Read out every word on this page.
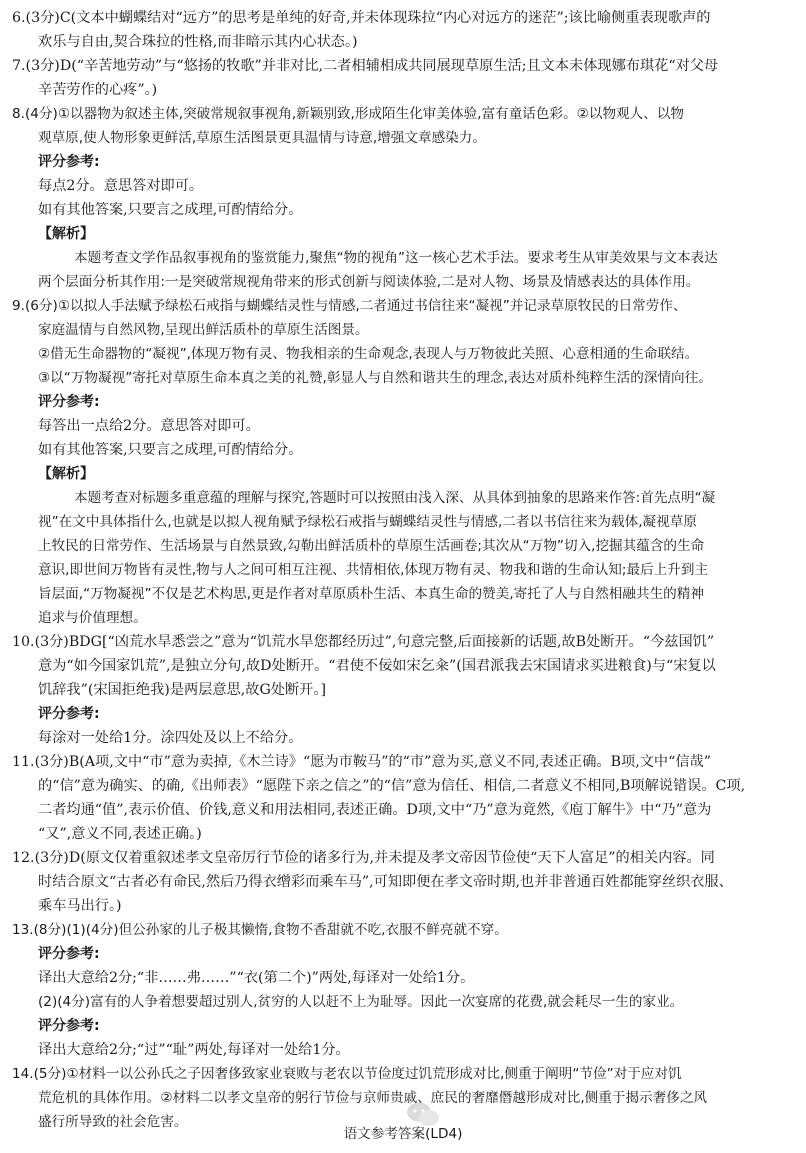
6.(3分)C(文本中蝴蝶结对“远方”的思考是单纯的好奇,并未体现珠拉“内心对远方的迷茫”;该比喻侧重表现歌声的
欢乐与自由,契合珠拉的性格,而非暗示其内心状态。)
7.(3分)D(“辛苦地劳动”与“悠扬的牧歌”并非对比,二者相辅相成共同展现草原生活;且文本未体现娜布琪花“对父母
辛苦劳作的心疼”。)
8.(4分)①以器物为叙述主体,突破常规叙事视角,新颖别致,形成陌生化审美体验,富有童话色彩。②以物观人、以物
观草原,使人物形象更鲜活,草原生活图景更具温情与诗意,增强文章感染力。
评分参考:
每点2分。意思答对即可。
如有其他答案,只要言之成理,可酌情给分。
【解析】
本题考查文学作品叙事视角的鉴赏能力,聚焦“物的视角”这一核心艺术手法。要求考生从审美效果与文本表达
两个层面分析其作用:一是突破常规视角带来的形式创新与阅读体验,二是对人物、场景及情感表达的具体作用。
9.(6分)①以拟人手法赋予绿松石戒指与蝴蝶结灵性与情感,二者通过书信往来“凝视”并记录草原牧民的日常劳作、
家庭温情与自然风物,呈现出鲜活质朴的草原生活图景。
②借无生命器物的“凝视”,体现万物有灵、物我相亲的生命观念,表现人与万物彼此关照、心意相通的生命联结。
③以“万物凝视”寄托对草原生命本真之美的礼赞,彰显人与自然和谐共生的理念,表达对质朴纯粹生活的深情向往。
评分参考:
每答出一点给2分。意思答对即可。
如有其他答案,只要言之成理,可酌情给分。
【解析】
本题考查对标题多重意蕴的理解与探究,答题时可以按照由浅入深、从具体到抽象的思路来作答:首先点明“凝
视”在文中具体指什么,也就是以拟人视角赋予绿松石戒指与蝴蝶结灵性与情感,二者以书信往来为载体,凝视草原
上牧民的日常劳作、生活场景与自然景致,勾勒出鲜活质朴的草原生活画卷;其次从“万物”切入,挖掘其蕴含的生命
意识,即世间万物皆有灵性,物与人之间可相互注视、共情相依,体现万物有灵、物我和谐的生命认知;最后上升到主
旨层面,“万物凝视”不仅是艺术构思,更是作者对草原质朴生活、本真生命的赞美,寄托了人与自然相融共生的精神
追求与价值理想。
10.(3分)BDG[“凶荒水旱悉尝之”意为“饥荒水旱您都经历过”,句意完整,后面接新的话题,故B处断开。“今兹国饥”
意为“如今国家饥荒”,是独立分句,故D处断开。“君使不佞如宋乞籴”(国君派我去宋国请求买进粮食)与“宋复以
饥辞我”(宋国拒绝我)是两层意思,故G处断开。]
评分参考:
每涂对一处给1分。涂四处及以上不给分。
11.(3分)B(A项,文中“市”意为卖掉,《木兰诗》“愿为市鞍马”的“市”意为买,意义不同,表述正确。B项,文中“信哉”
的“信”意为确实、的确,《出师表》“愿陛下亲之信之”的“信”意为信任、相信,二者意义不相同,B项解说错误。C项,
二者均通“值”,表示价值、价钱,意义和用法相同,表述正确。D项,文中“乃”意为竟然,《庖丁解牛》中“乃”意为
“又”,意义不同,表述正确。)
12.(3分)D(原文仅着重叙述孝文皇帝厉行节俭的诸多行为,并未提及孝文帝因节俭使“天下人富足”的相关内容。同
时结合原文“古者必有命民,然后乃得衣缯彩而乘车马”,可知即便在孝文帝时期,也并非普通百姓都能穿丝织衣服、
乘车马出行。)
13.(8分)(1)(4分)但公孙家的儿子极其懒惰,食物不香甜就不吃,衣服不鲜亮就不穿。
评分参考:
译出大意给2分;“非……弗……”“衣(第二个)”两处,每译对一处给1分。
(2)(4分)富有的人争着想要超过别人,贫穷的人以赶不上为耻辱。因此一次宴席的花费,就会耗尽一生的家业。
评分参考:
译出大意给2分;“过”“耻”两处,每译对一处给1分。
14.(5分)①材料一以公孙氏之子因奢侈致家业衰败与老农以节俭度过饥荒形成对比,侧重于阐明“节俭”对于应对饥
荒危机的具体作用。②材料二以孝文皇帝的躬行节俭与京师贵戚、庶民的奢靡僭越形成对比,侧重于揭示奢侈之风
盛行所导致的社会危害。
语文参考答案(LD4)
